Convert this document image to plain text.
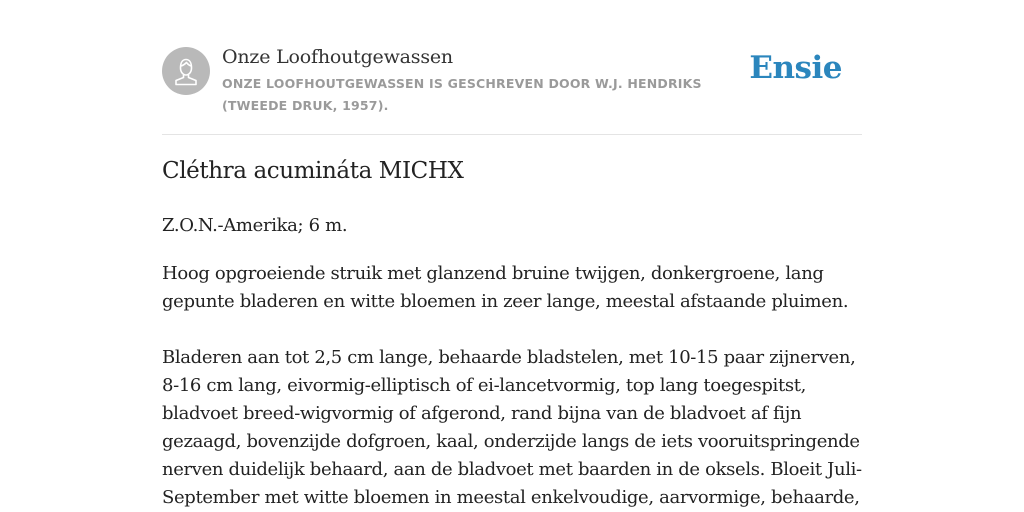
Onze Loofhoutgewassen
ONZE LOOFHOUTGEWASSEN IS GESCHREVEN DOOR W.J. HENDRIKS (TWEEDE DRUK, 1957).
Ensie
Cléthra acumináta MICHX

Z.O.N.-Amerika; 6 m.

Hoog opgroeiende struik met glanzend bruine twijgen, donkergroene, lang gepunte bladeren en witte bloemen in zeer lange, meestal afstaande pluimen.

Bladeren aan tot 2,5 cm lange, behaarde bladstelen, met 10-15 paar zijnerven, 8-16 cm lang, eivormig-elliptisch of ei-lancetvormig, top lang toegespitst, bladvoet breed-wigvormig of afgerond, rand bijna van de bladvoet af fijn gezaagd, bovenzijde dofgroen, kaal, onderzijde langs de iets vooruitspringende nerven duidelijk behaard, aan de bladvoet met baarden in de oksels. Bloeit Juli-September met witte bloemen in meestal enkelvoudige, aarvormige, behaarde,
